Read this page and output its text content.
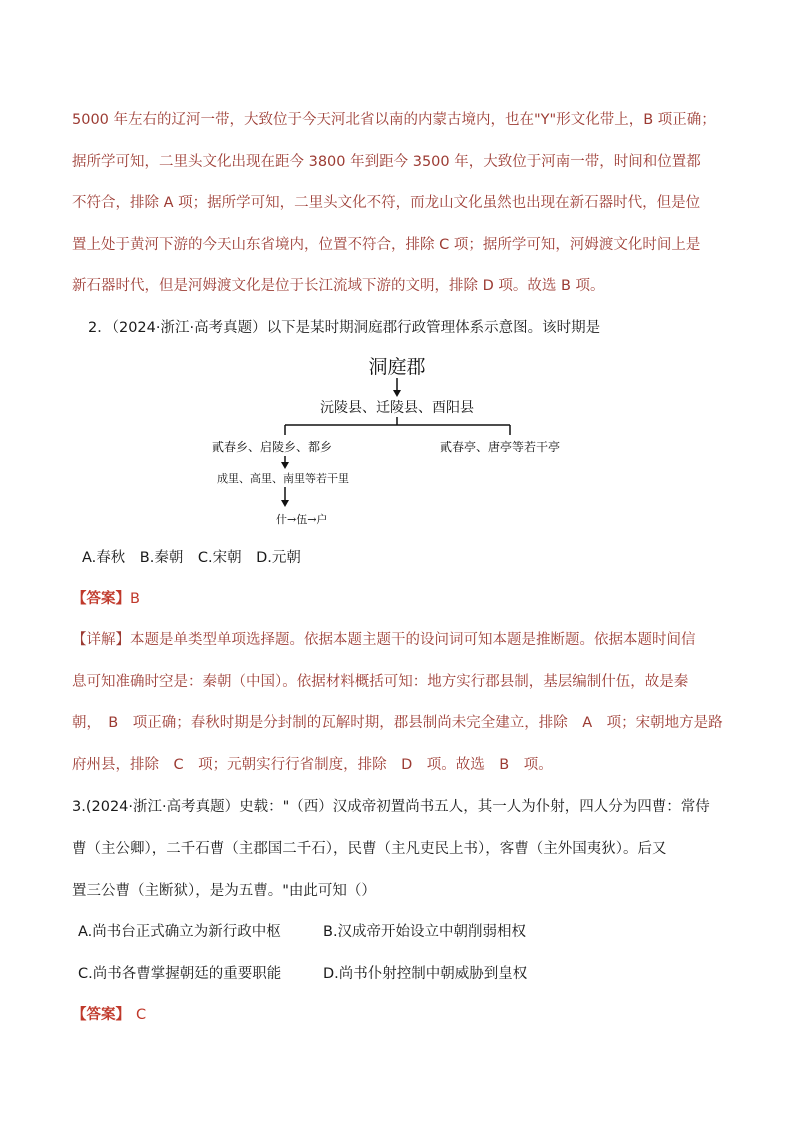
5000 年左右的辽河一带，大致位于今天河北省以南的内蒙古境内，也在"Y"形文化带上，B 项正确；
据所学可知，二里头文化出现在距今 3800 年到距今 3500 年，大致位于河南一带，时间和位置都
不符合，排除 A 项；据所学可知，二里头文化不符，而龙山文化虽然也出现在新石器时代，但是位
置上处于黄河下游的今天山东省境内，位置不符合，排除 C 项；据所学可知，河姆渡文化时间上是
新石器时代，但是河姆渡文化是位于长江流域下游的文明，排除 D 项。故选 B 项。
2．（2024·浙江·高考真题）以下是某时期洞庭郡行政管理体系示意图。该时期是
洞庭郡
沅陵县、迁陵县、酉阳县
貳春乡、启陵乡、都乡	貳春亭、唐亭等若干亭
成里、高里、南里等若干里
什→伍→户
A.春秋　B.秦朝　C.宋朝　D.元朝
【答案】B
【详解】本题是单类型单项选择题。依据本题主题干的设问词可知本题是推断题。依据本题时间信
息可知准确时空是：秦朝（中国）。依据材料概括可知：地方实行郡县制，基层编制什伍，故是秦
朝，　B　项正确；春秋时期是分封制的瓦解时期，郡县制尚未完全建立，排除　A　项；宋朝地方是路
府州县，排除　C　项；元朝实行行省制度，排除　D　项。故选　B　项。
3.(2024·浙江·高考真题）史载："（西）汉成帝初置尚书五人，其一人为仆射，四人分为四曹：常侍
曹（主公卿），二千石曹（主郡国二千石），民曹（主凡吏民上书），客曹（主外国夷狄）。后又
置三公曹（主断狱），是为五曹。"由此可知（）
A.尚书台正式确立为新行政中枢	B.汉成帝开始设立中朝削弱相权
C.尚书各曹掌握朝廷的重要职能	D.尚书仆射控制中朝威胁到皇权
【答案】 C
